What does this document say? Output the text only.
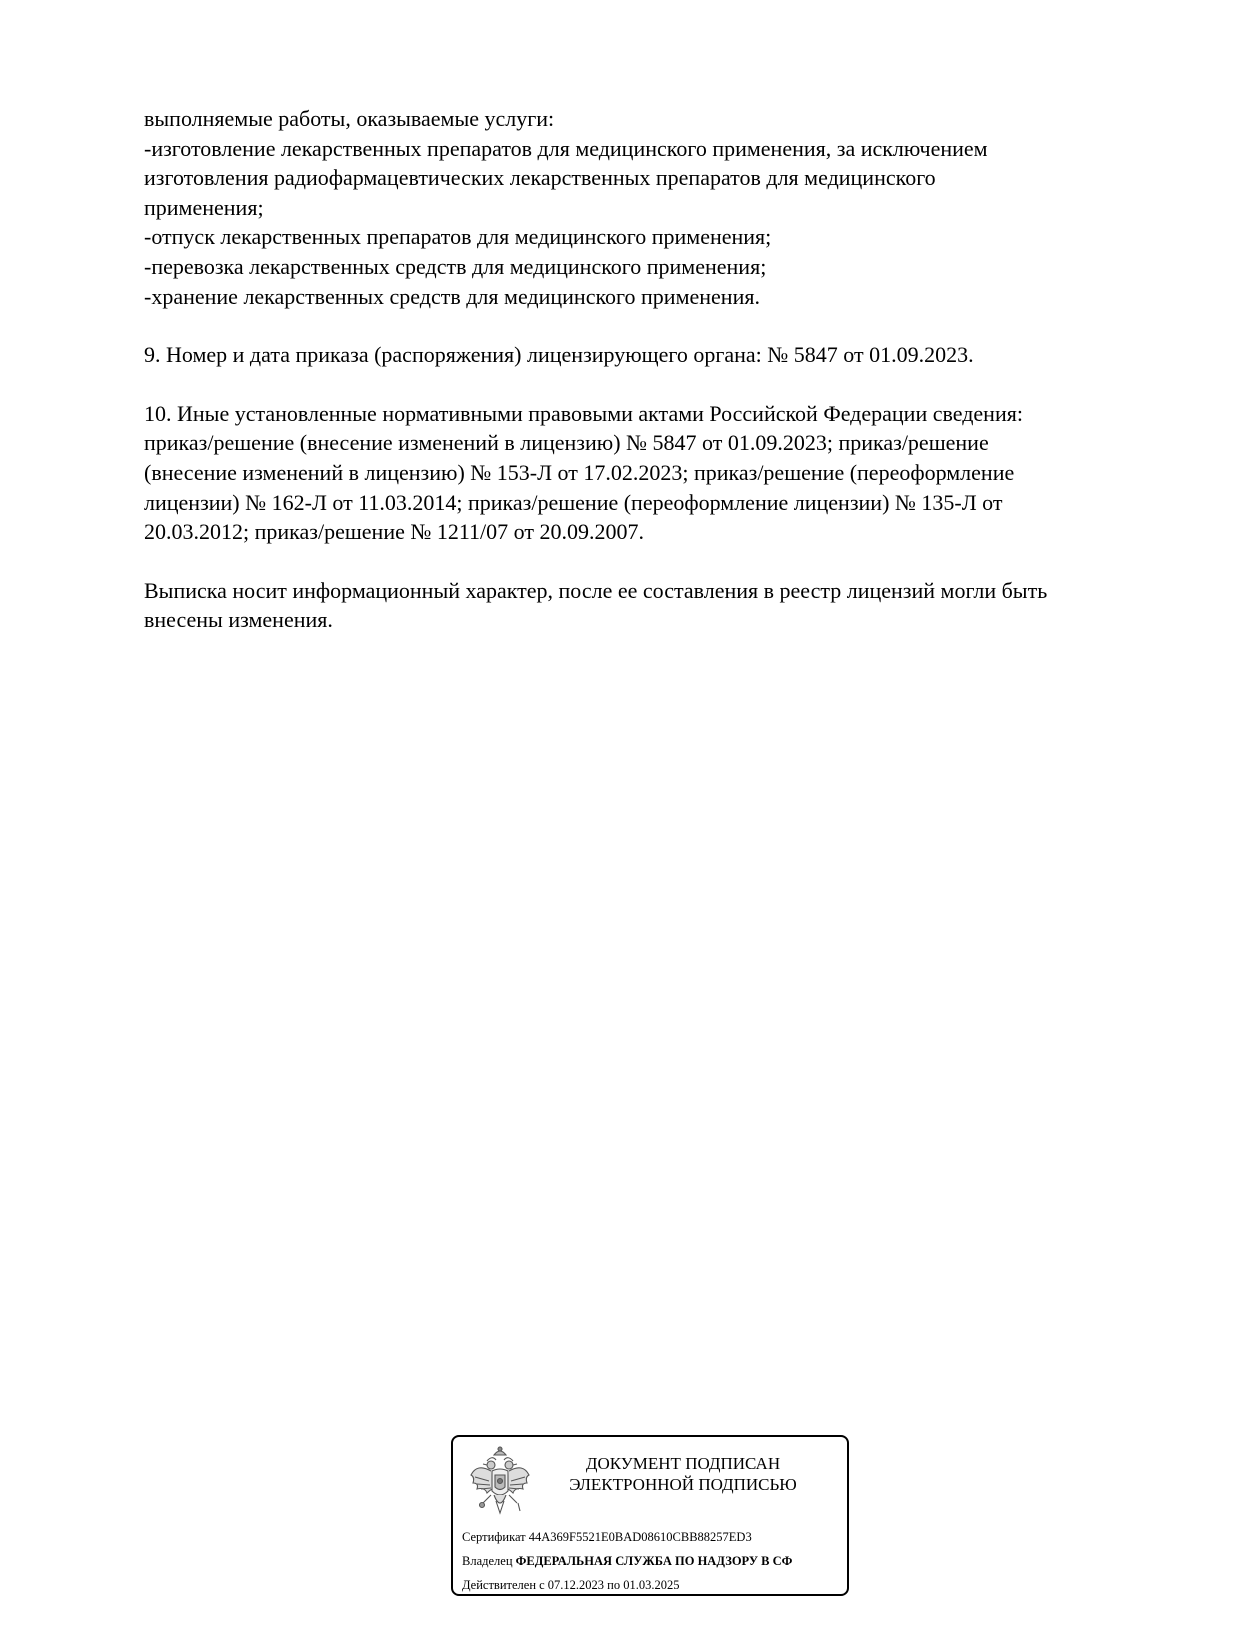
выполняемые работы, оказываемые услуги:
-изготовление лекарственных препаратов для медицинского применения, за исключением
изготовления радиофармацевтических лекарственных препаратов для медицинского
применения;
-отпуск лекарственных препаратов для медицинского применения;
-перевозка лекарственных средств для медицинского применения;
-хранение лекарственных средств для медицинского применения.
9. Номер и дата приказа (распоряжения) лицензирующего органа: № 5847 от 01.09.2023.
10. Иные установленные нормативными правовыми актами Российской Федерации сведения:
приказ/решение (внесение изменений в лицензию) № 5847 от 01.09.2023; приказ/решение
(внесение изменений в лицензию) № 153-Л от 17.02.2023; приказ/решение (переоформление
лицензии) № 162-Л от 11.03.2014; приказ/решение (переоформление лицензии) № 135-Л от
20.03.2012; приказ/решение № 1211/07 от 20.09.2007.
Выписка носит информационный характер, после ее составления в реестр лицензий могли быть
внесены изменения.
ДОКУМЕНТ ПОДПИСАН
ЭЛЕКТРОННОЙ ПОДПИСЬЮ
Сертификат 44A369F5521E0BAD08610CBB88257ED3
Владелец ФЕДЕРАЛЬНАЯ СЛУЖБА ПО НАДЗОРУ В СФ
Действителен с 07.12.2023 по 01.03.2025
